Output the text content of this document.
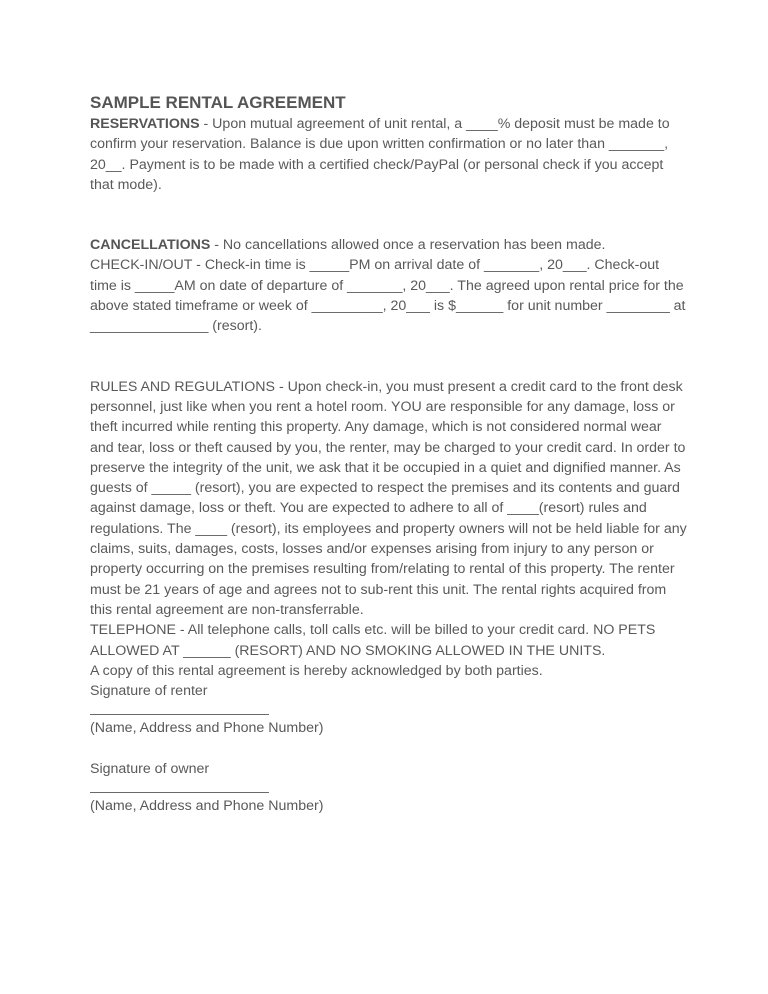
SAMPLE RENTAL AGREEMENT

RESERVATIONS - Upon mutual agreement of unit rental, a ____% deposit must be made to confirm your reservation. Balance is due upon written confirmation or no later than _______, 20__. Payment is to be made with a certified check/PayPal (or personal check if you accept that mode).

CANCELLATIONS - No cancellations allowed once a reservation has been made.

CHECK-IN/OUT - Check-in time is _____PM on arrival date of _______, 20___. Check-out time is _____AM on date of departure of _______, 20___. The agreed upon rental price for the above stated timeframe or week of _________, 20___ is $______ for unit number ________ at _______________ (resort).

RULES AND REGULATIONS - Upon check-in, you must present a credit card to the front desk personnel, just like when you rent a hotel room. YOU are responsible for any damage, loss or theft incurred while renting this property. Any damage, which is not considered normal wear and tear, loss or theft caused by you, the renter, may be charged to your credit card. In order to preserve the integrity of the unit, we ask that it be occupied in a quiet and dignified manner. As guests of _____ (resort), you are expected to respect the premises and its contents and guard against damage, loss or theft. You are expected to adhere to all of ____(resort) rules and regulations. The ____ (resort), its employees and property owners will not be held liable for any claims, suits, damages, costs, losses and/or expenses arising from injury to any person or property occurring on the premises resulting from/relating to rental of this property. The renter must be 21 years of age and agrees not to sub-rent this unit. The rental rights acquired from this rental agreement are non-transferrable.

TELEPHONE - All telephone calls, toll calls etc. will be billed to your credit card. NO PETS ALLOWED AT ______ (RESORT) AND NO SMOKING ALLOWED IN THE UNITS.

A copy of this rental agreement is hereby acknowledged by both parties.

Signature of renter

(Name, Address and Phone Number)

Signature of owner

(Name, Address and Phone Number)
